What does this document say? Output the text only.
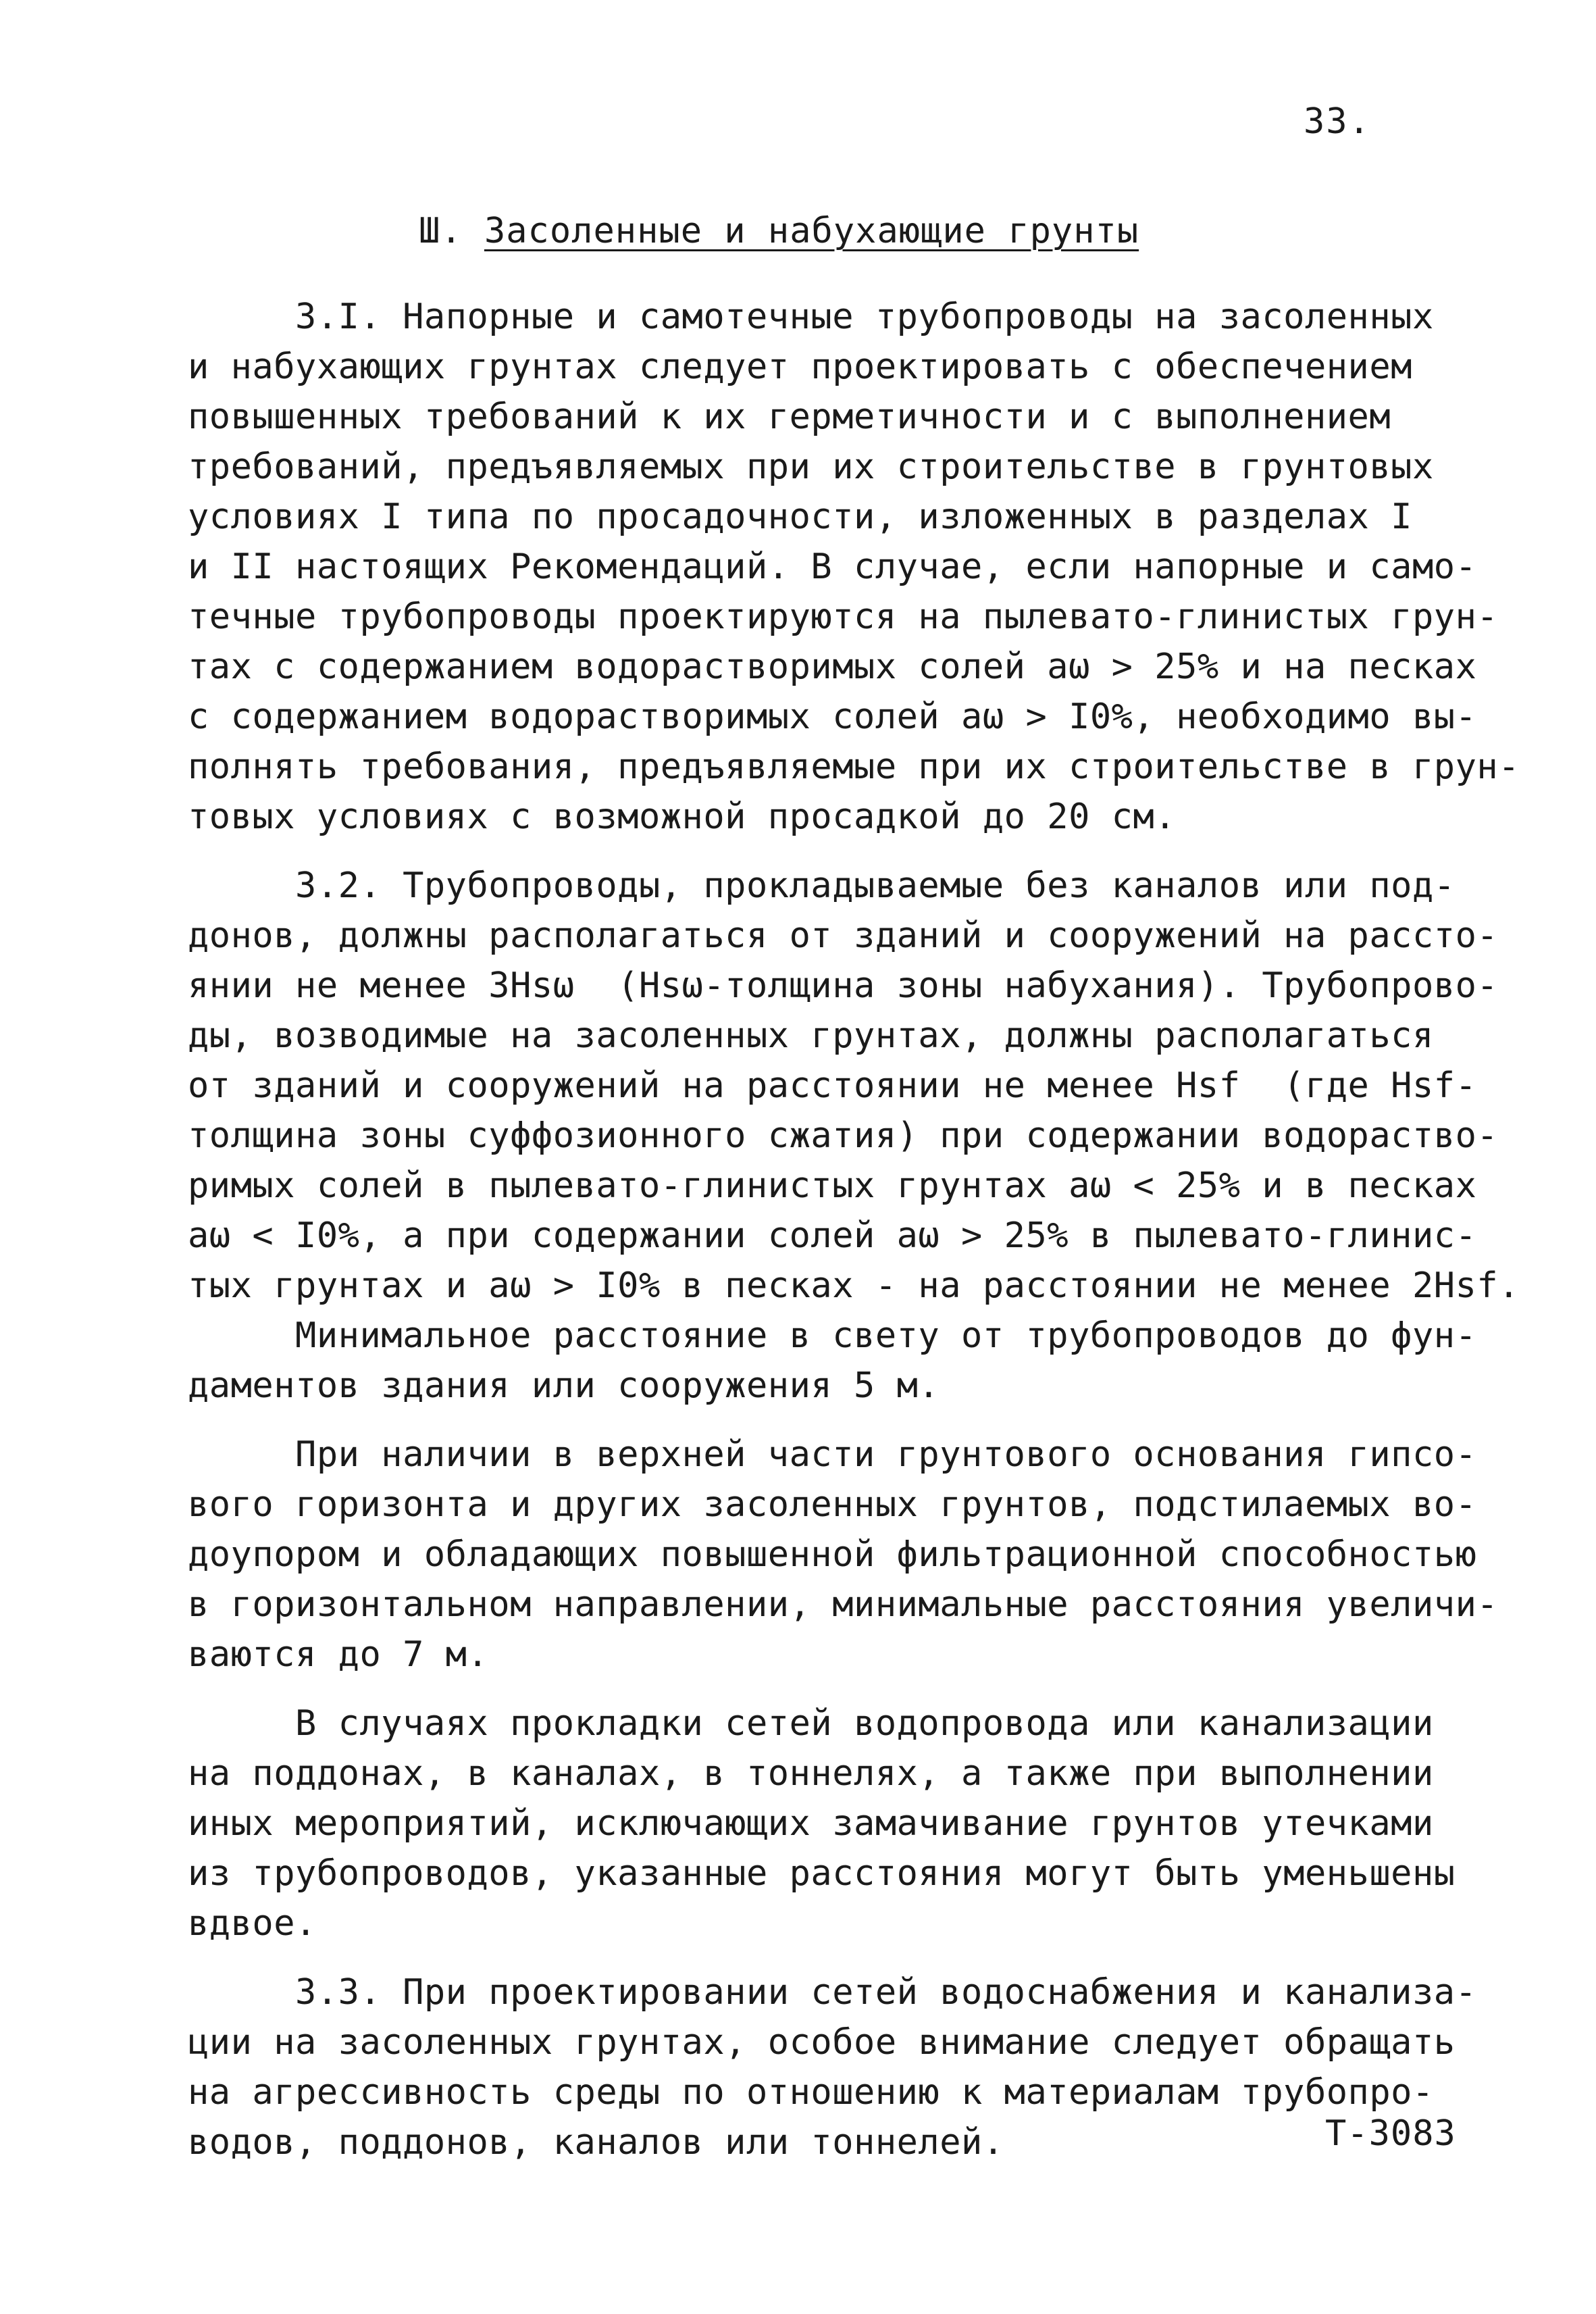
33.
Ш. Засоленные и набухающие грунты
3.I. Напорные и самотечные трубопроводы на засоленных
и набухающих грунтах следует проектировать с обеспечением
повышенных требований к их герметичности и с выполнением
требований, предъявляемых при их строительстве в грунтовых
условиях I типа по просадочности, изложенных в разделах I
и II настоящих Рекомендаций. В случае, если напорные и само-
течные трубопроводы проектируются на пылевато-глинистых грун-
тах с содержанием водорастворимых солей aω > 25% и на песках
с содержанием водорастворимых солей aω > I0%, необходимо вы-
полнять требования, предъявляемые при их строительстве в грун-
товых условиях с возможной просадкой до 20 см.
3.2. Трубопроводы, прокладываемые без каналов или под-
донов, должны располагаться от зданий и сооружений на рассто-
янии не менее 3Hsω  (Hsω-толщина зоны набухания). Трубопрово-
ды, возводимые на засоленных грунтах, должны располагаться
от зданий и сооружений на расстоянии не менее Hsf  (где Hsf-
толщина зоны суффозионного сжатия) при содержании водораство-
римых солей в пылевато-глинистых грунтах aω < 25% и в песках
aω < I0%, а при содержании солей aω > 25% в пылевато-глинис-
тых грунтах и aω > I0% в песках - на расстоянии не менее 2Hsf.
Минимальное расстояние в свету от трубопроводов до фун-
даментов здания или сооружения 5 м.
При наличии в верхней части грунтового основания гипсо-
вого горизонта и других засоленных грунтов, подстилаемых во-
доупором и обладающих повышенной фильтрационной способностью
в горизонтальном направлении, минимальные расстояния увеличи-
ваются до 7 м.
В случаях прокладки сетей водопровода или канализации
на поддонах, в каналах, в тоннелях, а также при выполнении
иных мероприятий, исключающих замачивание грунтов утечками
из трубопроводов, указанные расстояния могут быть уменьшены
вдвое.
3.3. При проектировании сетей водоснабжения и канализа-
ции на засоленных грунтах, особое внимание следует обращать
на агрессивность среды по отношению к материалам трубопро-
водов, поддонов, каналов или тоннелей.	Т-3083
